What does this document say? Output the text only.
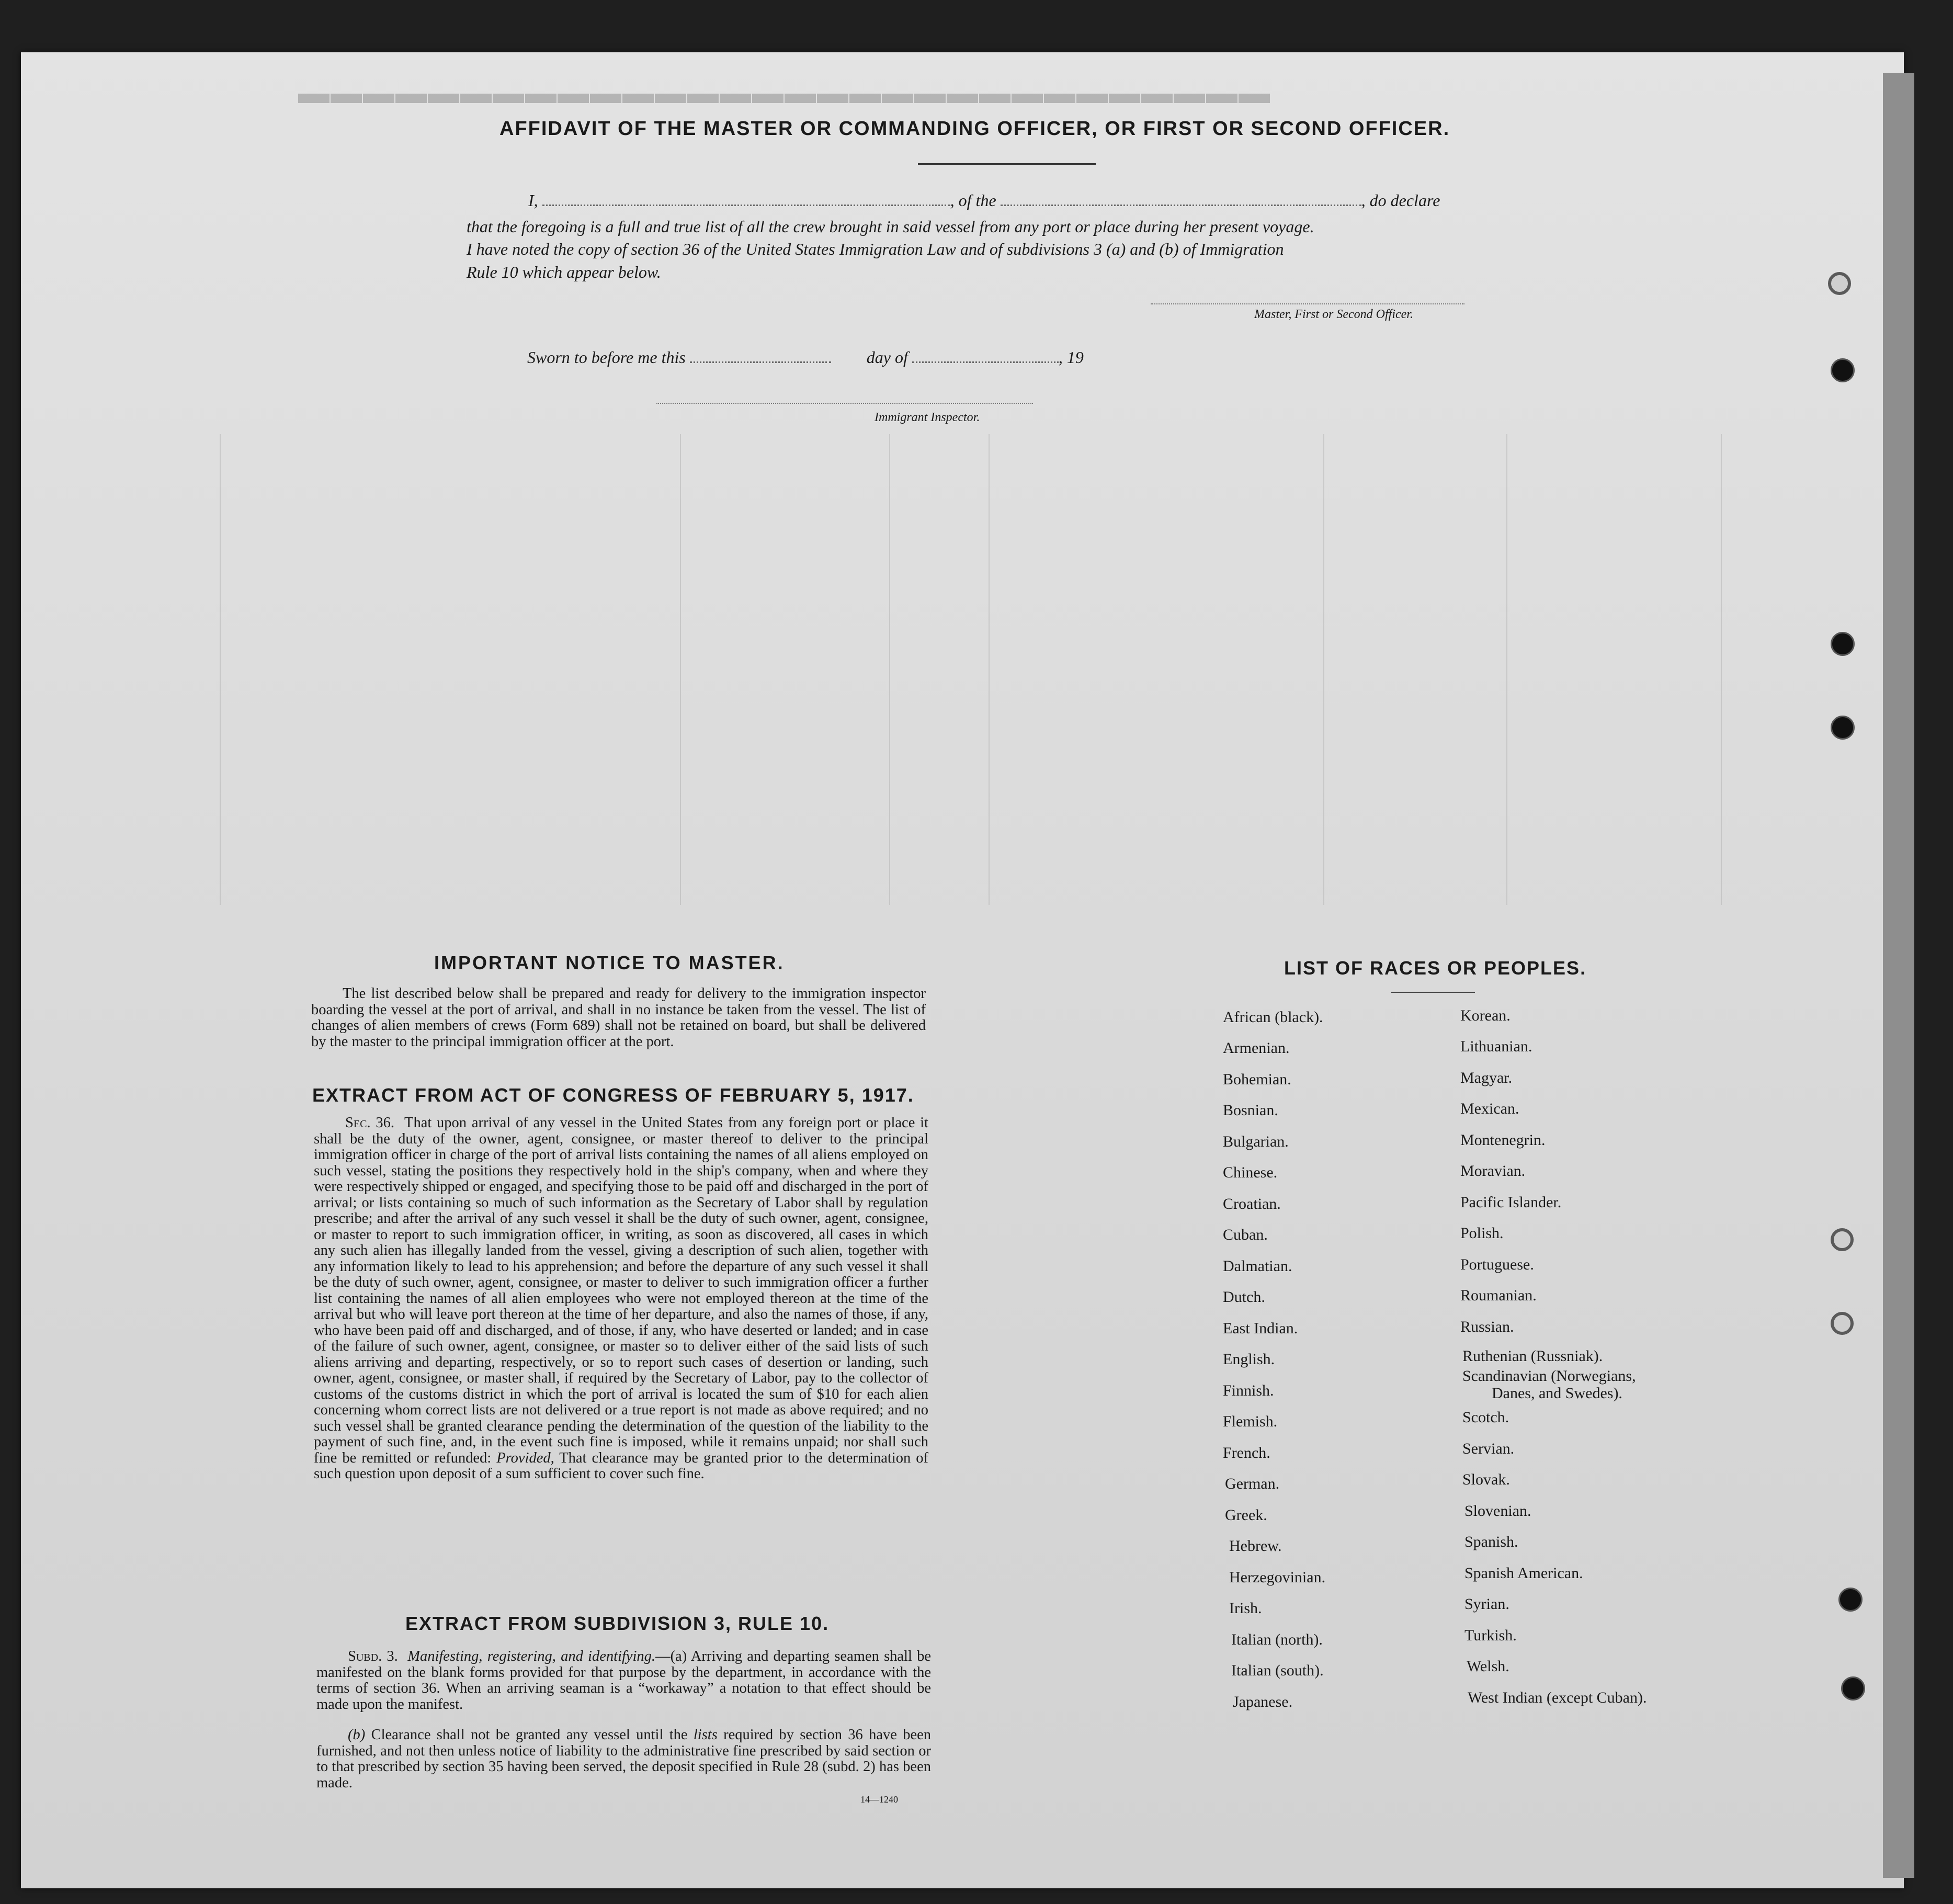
▬▬▬▬▬▬▬▬▬▬▬▬▬▬▬▬▬▬▬▬▬▬▬▬▬▬▬▬▬▬
AFFIDAVIT OF THE MASTER OR COMMANDING OFFICER, OR FIRST OR SECOND OFFICER.
I,	, of the	, do declare
that the foregoing is a full and true list of all the crew brought in said vessel from any port or place during her present voyage.
I have noted the copy of section 36 of the United States Immigration Law and of subdivisions 3 (a) and (b) of Immigration
Rule 10 which appear below.
Master, First or Second Officer.
Sworn to before me this	day of	, 19
Immigrant Inspector.
IMPORTANT NOTICE TO MASTER.
The list described below shall be prepared and ready for delivery to the immigration inspector boarding the vessel at the port of arrival, and shall in no instance be taken from the vessel. The list of changes of alien members of crews (Form 689) shall not be retained on board, but shall be delivered by the master to the principal immigration officer at the port.
EXTRACT FROM ACT OF CONGRESS OF FEBRUARY 5, 1917.
Sec. 36. That upon arrival of any vessel in the United States from any foreign port or place it shall be the duty of the owner, agent, consignee, or master thereof to deliver to the principal immigration officer in charge of the port of arrival lists containing the names of all aliens employed on such vessel, stating the positions they respectively hold in the ship's company, when and where they were respectively shipped or engaged, and specifying those to be paid off and discharged in the port of arrival; or lists containing so much of such information as the Secretary of Labor shall by regulation prescribe; and after the arrival of any such vessel it shall be the duty of such owner, agent, consignee, or master to report to such immigration officer, in writing, as soon as discovered, all cases in which any such alien has illegally landed from the vessel, giving a description of such alien, together with any information likely to lead to his apprehension; and before the departure of any such vessel it shall be the duty of such owner, agent, consignee, or master to deliver to such immigration officer a further list containing the names of all alien employees who were not employed thereon at the time of the arrival but who will leave port thereon at the time of her departure, and also the names of those, if any, who have been paid off and discharged, and of those, if any, who have deserted or landed; and in case of the failure of such owner, agent, consignee, or master so to deliver either of the said lists of such aliens arriving and departing, respectively, or so to report such cases of desertion or landing, such owner, agent, consignee, or master shall, if required by the Secretary of Labor, pay to the collector of customs of the customs district in which the port of arrival is located the sum of $10 for each alien concerning whom correct lists are not delivered or a true report is not made as above required; and no such vessel shall be granted clearance pending the determination of the question of the liability to the payment of such fine, and, in the event such fine is imposed, while it remains unpaid; nor shall such fine be remitted or refunded: Provided, That clearance may be granted prior to the determination of such question upon deposit of a sum sufficient to cover such fine.
EXTRACT FROM SUBDIVISION 3, RULE 10.
Subd. 3. Manifesting, registering, and identifying.—(a) Arriving and departing seamen shall be manifested on the blank forms provided for that purpose by the department, in accordance with the terms of section 36. When an arriving seaman is a “workaway” a notation to that effect should be made upon the manifest.
(b) Clearance shall not be granted any vessel until the lists required by section 36 have been furnished, and not then unless notice of liability to the administrative fine prescribed by said section or to that prescribed by section 35 having been served, the deposit specified in Rule 28 (subd. 2) has been made.
14—1240
LIST OF RACES OR PEOPLES.
African (black).
Armenian.
Bohemian.
Bosnian.
Bulgarian.
Chinese.
Croatian.
Cuban.
Dalmatian.
Dutch.
East Indian.
English.
Finnish.
Flemish.
French.
German.
Greek.
Hebrew.
Herzegovinian.
Irish.
Italian (north).
Italian (south).
Japanese.
Korean.
Lithuanian.
Magyar.
Mexican.
Montenegrin.
Moravian.
Pacific Islander.
Polish.
Portuguese.
Roumanian.
Russian.
Ruthenian (Russniak).
Scandinavian (Norwegians,
Danes, and Swedes).
Scotch.
Servian.
Slovak.
Slovenian.
Spanish.
Spanish American.
Syrian.
Turkish.
Welsh.
West Indian (except Cuban).
